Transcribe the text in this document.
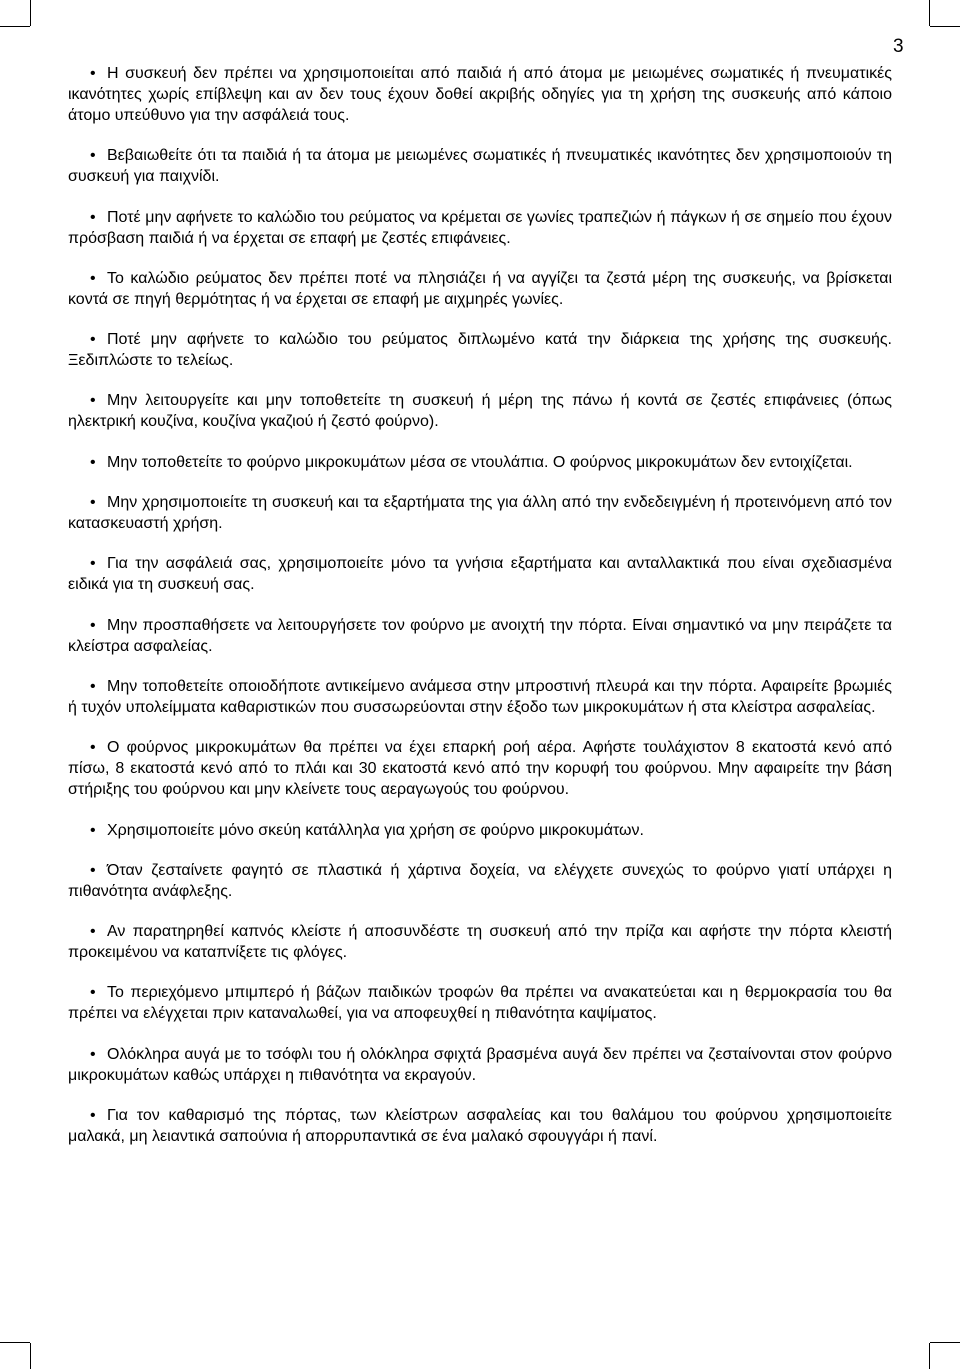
3
• Η συσκευή δεν πρέπει να χρησιμοποιείται από παιδιά ή από άτομα με μειωμένες σωματικές ή πνευματικές ικανότητες χωρίς επίβλεψη και αν δεν τους έχουν δοθεί ακριβής οδηγίες για τη χρήση της συσκευής από κάποιο άτομο υπεύθυνο για την ασφάλειά τους.
• Βεβαιωθείτε ότι τα παιδιά ή τα άτομα με μειωμένες σωματικές ή πνευματικές ικανότητες δεν χρησιμοποιούν τη συσκευή για παιχνίδι.
• Ποτέ μην αφήνετε το καλώδιο του ρεύματος να κρέμεται σε γωνίες τραπεζιών ή πάγκων ή σε σημείο που έχουν πρόσβαση παιδιά ή να έρχεται σε επαφή με ζεστές επιφάνειες.
• Το καλώδιο ρεύματος δεν πρέπει ποτέ να πλησιάζει ή να αγγίζει τα ζεστά μέρη της συσκευής, να βρίσκεται κοντά σε πηγή θερμότητας ή να έρχεται σε επαφή με αιχμηρές γωνίες.
• Ποτέ μην αφήνετε το καλώδιο του ρεύματος διπλωμένο κατά την διάρκεια της χρήσης της συσκευής. Ξεδιπλώστε το τελείως.
• Μην λειτουργείτε και μην τοποθετείτε τη συσκευή ή μέρη της πάνω ή κοντά σε ζεστές επιφάνειες (όπως ηλεκτρική κουζίνα, κουζίνα γκαζιού ή ζεστό φούρνο).
• Μην τοποθετείτε το φούρνο μικροκυμάτων μέσα σε ντουλάπια. Ο φούρνος μικροκυμάτων δεν εντοιχίζεται.
• Μην χρησιμοποιείτε τη συσκευή και τα εξαρτήματα της για άλλη από την ενδεδειγμένη ή προτεινόμενη από τον κατασκευαστή χρήση.
• Για την ασφάλειά σας, χρησιμοποιείτε μόνο τα γνήσια εξαρτήματα και ανταλλακτικά που είναι σχεδιασμένα ειδικά για τη συσκευή σας.
• Μην προσπαθήσετε να λειτουργήσετε τον φούρνο με ανοιχτή την πόρτα. Είναι σημαντικό να μην πειράζετε τα κλείστρα ασφαλείας.
• Μην τοποθετείτε οποιοδήποτε αντικείμενο ανάμεσα στην μπροστινή πλευρά και την πόρτα. Αφαιρείτε βρωμιές ή τυχόν υπολείμματα καθαριστικών που συσσωρεύονται στην έξοδο των μικροκυμάτων ή στα κλείστρα ασφαλείας.
• Ο φούρνος μικροκυμάτων θα πρέπει να έχει επαρκή ροή αέρα. Αφήστε τουλάχιστον 8 εκατοστά κενό από πίσω, 8 εκατοστά κενό από το πλάι και 30 εκατοστά κενό από την κορυφή του φούρνου. Μην αφαιρείτε την βάση στήριξης του φούρνου και μην κλείνετε τους αεραγωγούς του φούρνου.
• Χρησιμοποιείτε μόνο σκεύη κατάλληλα για χρήση σε φούρνο μικροκυμάτων.
• Όταν ζεσταίνετε φαγητό σε πλαστικά ή χάρτινα δοχεία, να ελέγχετε συνεχώς το φούρνο γιατί υπάρχει η πιθανότητα ανάφλεξης.
• Αν παρατηρηθεί καπνός κλείστε ή αποσυνδέστε τη συσκευή από την πρίζα και αφήστε την πόρτα κλειστή προκειμένου να καταπνίξετε τις φλόγες.
• Το περιεχόμενο μπιμπερό ή βάζων παιδικών τροφών θα πρέπει να ανακατεύεται και η θερμοκρασία του θα πρέπει να ελέγχεται πριν καταναλωθεί, για να αποφευχθεί η πιθανότητα καψίματος.
• Ολόκληρα αυγά με το τσόφλι του ή ολόκληρα σφιχτά βρασμένα αυγά δεν πρέπει να ζεσταίνονται στον φούρνο μικροκυμάτων καθώς υπάρχει η πιθανότητα να εκραγούν.
• Για τον καθαρισμό της πόρτας, των κλείστρων ασφαλείας και του θαλάμου του φούρνου χρησιμοποιείτε μαλακά, μη λειαντικά σαπούνια ή απορρυπαντικά σε ένα μαλακό σφουγγάρι ή πανί.
